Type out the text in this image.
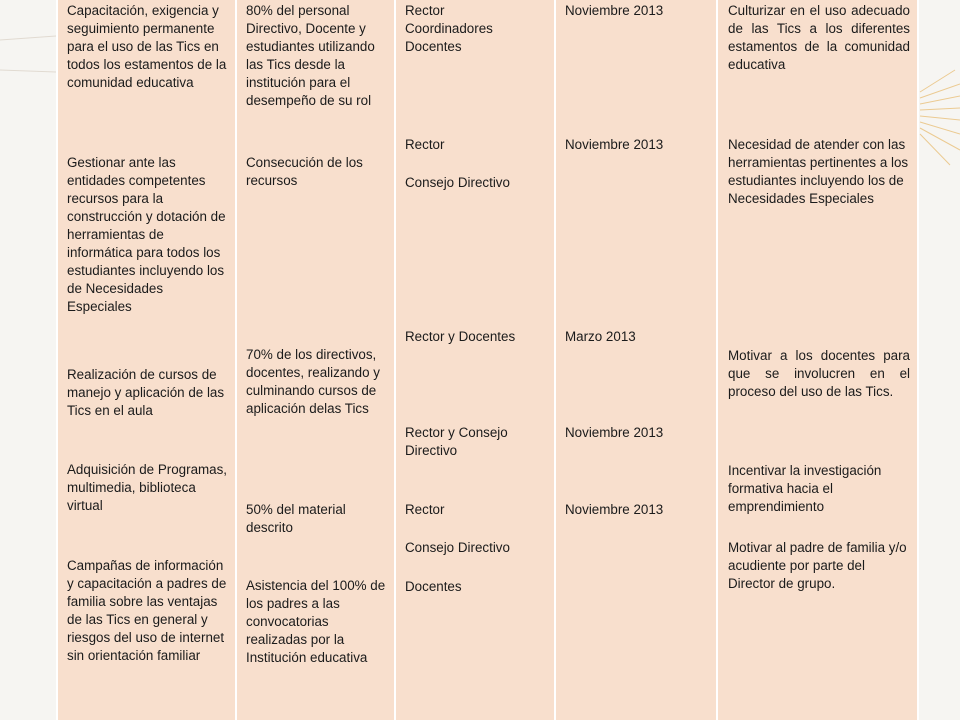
Capacitación, exigencia y seguimiento permanente para el uso de las Tics en todos los estamentos de la comunidad educativa
Gestionar ante las entidades competentes recursos para la construcción y dotación de herramientas de informática para todos los estudiantes incluyendo los de Necesidades Especiales
Realización de cursos de manejo y aplicación de las Tics en el aula
Adquisición de Programas, multimedia, biblioteca virtual
Campañas de información y capacitación a padres de familia sobre las ventajas de las Tics en general y riesgos del uso de internet sin orientación familiar
80% del personal Directivo, Docente y estudiantes utilizando las Tics desde la institución para el desempeño de su rol
Consecución de los recursos
70% de los directivos, docentes, realizando y culminando cursos de aplicación delas Tics
50% del material descrito
Asistencia del 100% de los padres a las convocatorias realizadas por la Institución educativa
Rector
Coordinadores
Docentes
Rector
Consejo Directivo
Rector y Docentes
Rector y Consejo Directivo
Rector
Consejo Directivo
Docentes
Noviembre 2013
Noviembre 2013
Marzo 2013
Noviembre 2013
Noviembre 2013
Culturizar en el uso adecuado de las Tics a los diferentes estamentos de la comunidad educativa
Necesidad de atender con las herramientas pertinentes a los estudiantes incluyendo los de Necesidades Especiales
Motivar a los docentes para que se involucren en el proceso del uso de las Tics.
Incentivar la investigación formativa hacia el emprendimiento
Motivar al padre de familia y/o acudiente por parte del Director de grupo.
